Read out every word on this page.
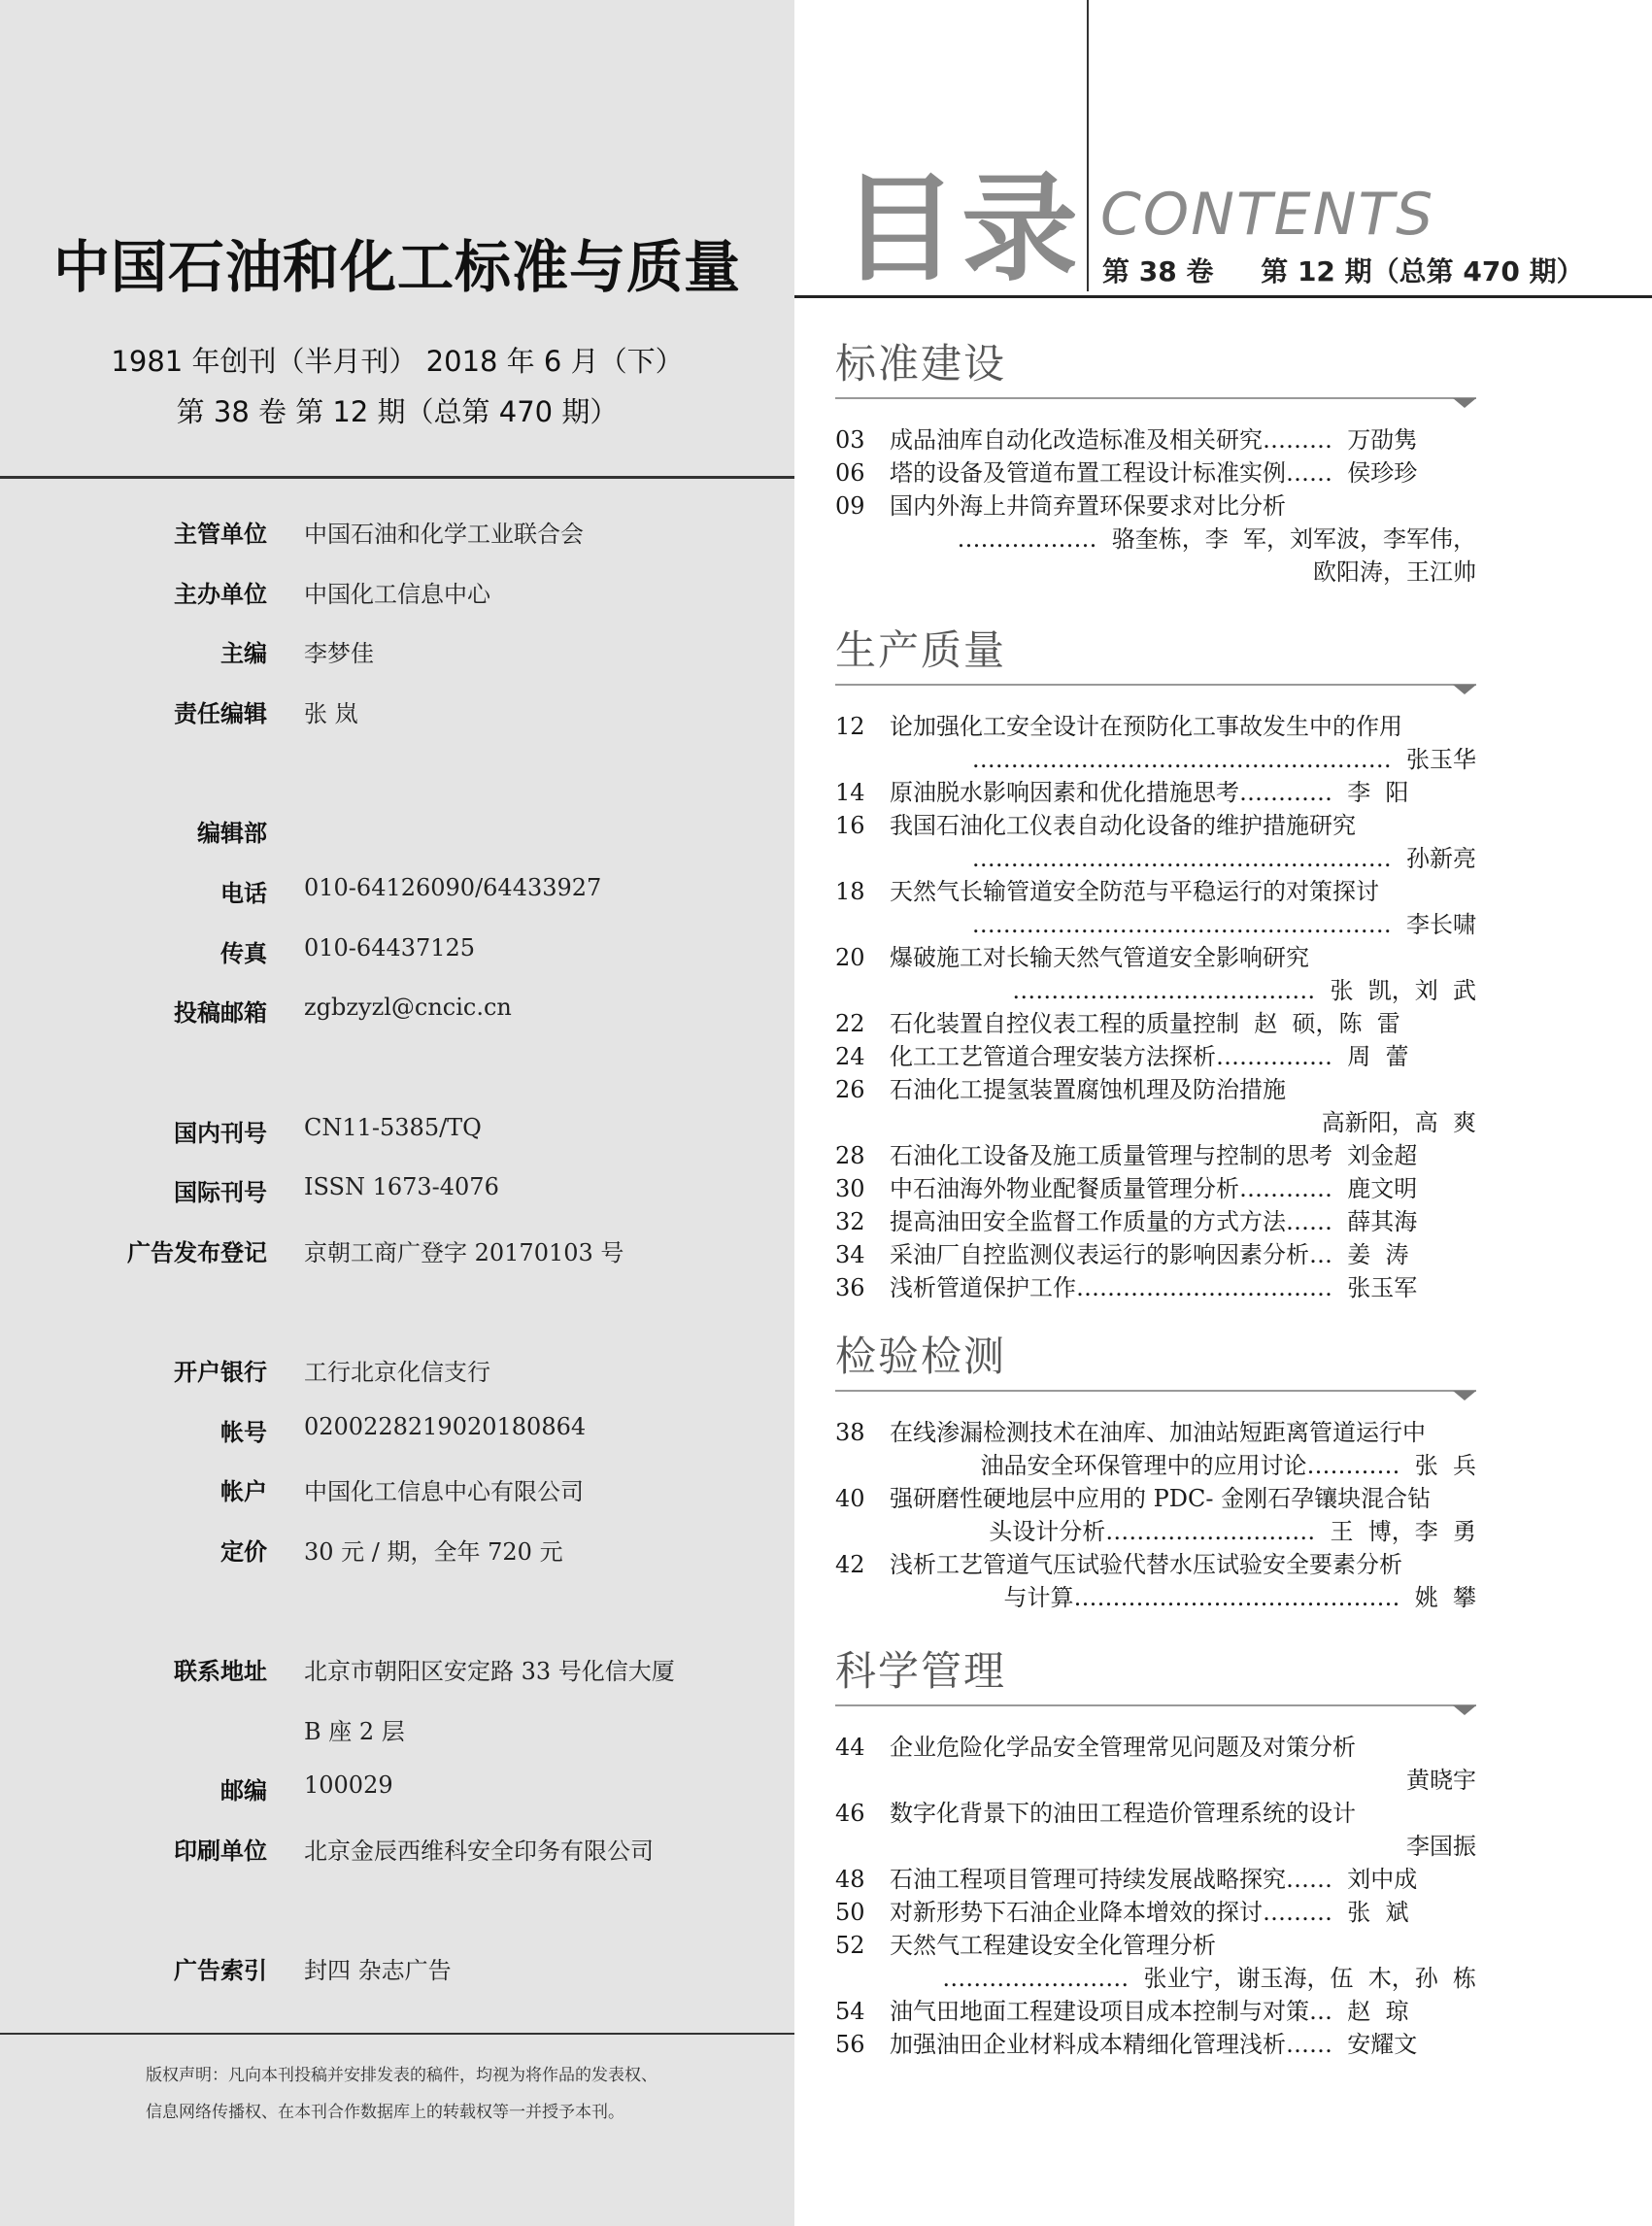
中国石油和化工标准与质量
1981 年创刊（半月刊） 2018 年 6 月（下）
第 38 卷 第 12 期（总第 470 期）
主管单位 中国石油和化学工业联合会
主办单位 中国化工信息中心
主编 李梦佳
责任编辑 张 岚
编辑部
电话 010-64126090/64433927
传真 010-64437125
投稿邮箱 zgbzyzl@cncic.cn
国内刊号 CN11-5385/TQ
国际刊号 ISSN 1673-4076
广告发布登记 京朝工商广登字 20170103 号
开户银行 工行北京化信支行
帐号 0200228219020180864
帐户 中国化工信息中心有限公司
定价 30 元 / 期，全年 720 元
联系地址 北京市朝阳区安定路 33 号化信大厦
B 座 2 层
邮编 100029
印刷单位 北京金辰西维科安全印务有限公司
广告索引 封四 杂志广告
版权声明：凡向本刊投稿并安排发表的稿件，均视为将作品的发表权、
信息网络传播权、在本刊合作数据库上的转载权等一并授予本刊。
目录 CONTENTS
第 38 卷     第 12 期（总第 470 期）
标准建设
03	成品油库自动化改造标准及相关研究………  万劭隽
06	塔的设备及管道布置工程设计标准实例……  侯珍珍
09	国内外海上井筒弃置环保要求对比分析
………………  骆奎栋，李  军，刘军波，李军伟，
欧阳涛，王江帅
生产质量
12	论加强化工安全设计在预防化工事故发生中的作用
………………………………………………  张玉华
14	原油脱水影响因素和优化措施思考…………  李  阳
16	我国石油化工仪表自动化设备的维护措施研究
………………………………………………  孙新亮
18	天然气长输管道安全防范与平稳运行的对策探讨
………………………………………………  李长啸
20	爆破施工对长输天然气管道安全影响研究
…………………………………  张  凯，刘  武
22	石化装置自控仪表工程的质量控制  赵  硕，陈  雷
24	化工工艺管道合理安装方法探析……………  周  蕾
26	石油化工提氢装置腐蚀机理及防治措施
高新阳，高  爽
28	石油化工设备及施工质量管理与控制的思考  刘金超
30	中石油海外物业配餐质量管理分析…………  鹿文明
32	提高油田安全监督工作质量的方式方法……  薛其海
34	采油厂自控监测仪表运行的影响因素分析…  姜  涛
36	浅析管道保护工作……………………………  张玉军
检验检测
38	在线渗漏检测技术在油库、加油站短距离管道运行中
油品安全环保管理中的应用讨论…………  张  兵
40	强研磨性硬地层中应用的 PDC- 金刚石孕镶块混合钻
头设计分析………………………  王  博，李  勇
42	浅析工艺管道气压试验代替水压试验安全要素分析
与计算……………………………………  姚  攀
科学管理
44	企业危险化学品安全管理常见问题及对策分析
黄晓宇
46	数字化背景下的油田工程造价管理系统的设计
李国振
48	石油工程项目管理可持续发展战略探究……  刘中成
50	对新形势下石油企业降本增效的探讨………  张  斌
52	天然气工程建设安全化管理分析
……………………  张业宁，谢玉海，伍  木，孙  栋
54	油气田地面工程建设项目成本控制与对策…  赵  琼
56	加强油田企业材料成本精细化管理浅析……  安耀文
